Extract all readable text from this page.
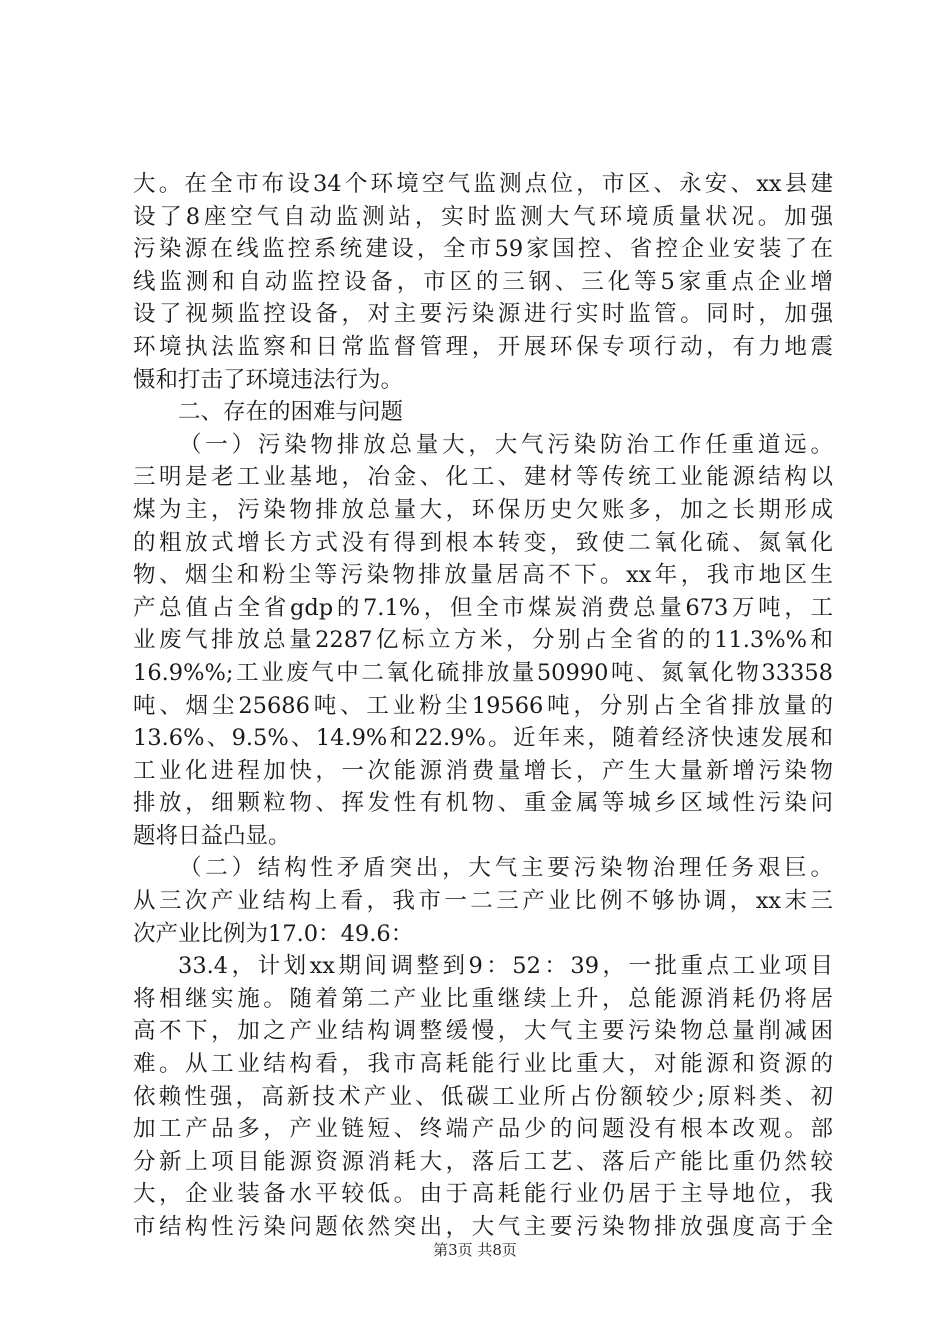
大。在全市布设34个环境空气监测点位，市区、永安、xx县建
设了8座空气自动监测站，实时监测大气环境质量状况。加强
污染源在线监控系统建设，全市59家国控、省控企业安装了在
线监测和自动监控设备，市区的三钢、三化等5家重点企业增
设了视频监控设备，对主要污染源进行实时监管。同时，加强
环境执法监察和日常监督管理，开展环保专项行动，有力地震
慑和打击了环境违法行为。
二、存在的困难与问题
（一）污染物排放总量大，大气污染防治工作任重道远。
三明是老工业基地，冶金、化工、建材等传统工业能源结构以
煤为主，污染物排放总量大，环保历史欠账多，加之长期形成
的粗放式增长方式没有得到根本转变，致使二氧化硫、氮氧化
物、烟尘和粉尘等污染物排放量居高不下。xx年，我市地区生
产总值占全省gdp的7.1%，但全市煤炭消费总量673万吨，工
业废气排放总量2287亿标立方米，分别占全省的的11.3%%和
16.9%%;工业废气中二氧化硫排放量50990吨、氮氧化物33358
吨、烟尘25686吨、工业粉尘19566吨，分别占全省排放量的
13.6%、9.5%、14.9%和22.9%。近年来，随着经济快速发展和
工业化进程加快，一次能源消费量增长，产生大量新增污染物
排放，细颗粒物、挥发性有机物、重金属等城乡区域性污染问
题将日益凸显。
（二）结构性矛盾突出，大气主要污染物治理任务艰巨。
从三次产业结构上看，我市一二三产业比例不够协调，xx末三
次产业比例为17.0：49.6：
33.4，计划xx期间调整到9：52：39，一批重点工业项目
将相继实施。随着第二产业比重继续上升，总能源消耗仍将居
高不下，加之产业结构调整缓慢，大气主要污染物总量削减困
难。从工业结构看，我市高耗能行业比重大，对能源和资源的
依赖性强，高新技术产业、低碳工业所占份额较少;原料类、初
加工产品多，产业链短、终端产品少的问题没有根本改观。部
分新上项目能源资源消耗大，落后工艺、落后产能比重仍然较
大，企业装备水平较低。由于高耗能行业仍居于主导地位，我
市结构性污染问题依然突出，大气主要污染物排放强度高于全
第3页 共8页
